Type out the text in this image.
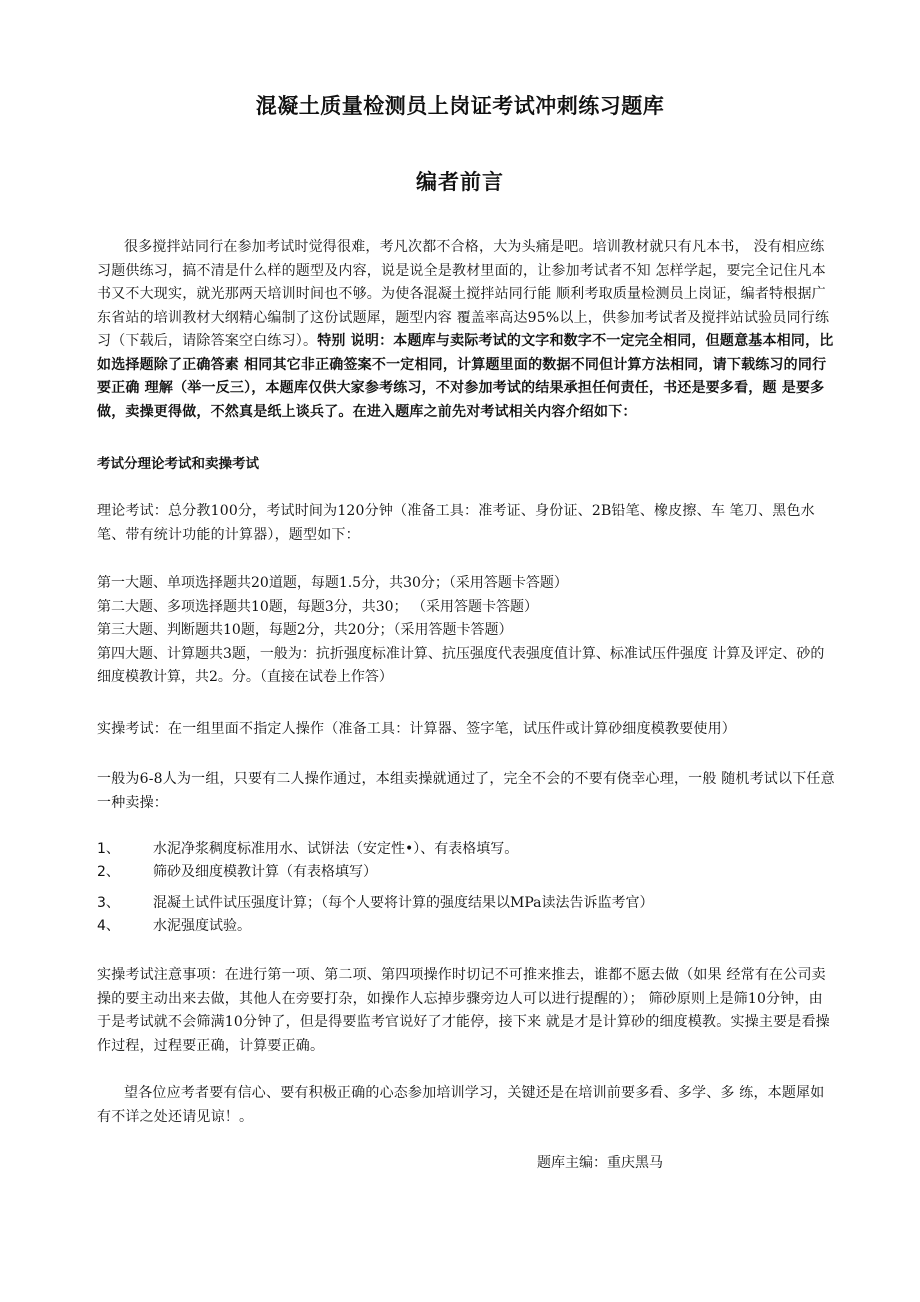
混凝土质量检测员上岗证考试冲刺练习题库
编者前言

很多搅拌站同行在参加考试时觉得很难，考凡次都不合格，大为头痛是吧。培训教材就只有凡本书， 没有相应练习题供练习，搞不清是什么样的题型及内容，说是说全是教材里面的，让参加考试者不知 怎样学起，要完全记住凡本书又不大现实，就光那两天培训时间也不够。为使各混凝土搅拌站同行能 顺利考取质量检测员上岗证，编者特根据广东省站的培训教材大纲精心编制了这份试题犀，题型内容 覆盖率高达95%以上，供参加考试者及搅拌站试验员同行练习（下载后，请除答案空白练习）。特别 说明：本题库与卖际考试的文字和数字不一定完全相同，但题意基本相同，比如选择题除了正确答素 相同其它非正确签案不一定相同，计算题里面的数据不同但计算方法相同，请下载练习的同行要正确 理解（举一反三），本题库仅供大家参考练习，不对参加考试的结果承担任何责任，书还是要多看，题 是要多做，卖操更得做，不然真是纸上谈兵了。在进入题库之前先对考试相关内容介绍如下：

考试分理论考试和卖操考试

理论考试：总分教100分，考试时间为120分钟（准备工具：准考证、身份证、2B铅笔、橡皮擦、车 笔刀、黑色水笔、带有统计功能的计算器），题型如下：

第一大题、单项选择题共20道题，每题1.5分，共30分；（采用答题卡答题）
第二大题、多项选择题共10题，每题3分，共30； （采用答题卡答题）
第三大题、判断题共10题，每题2分，共20分；（采用答题卡答题）
第四大题、计算题共3题，一般为：抗折强度标准计算、抗压强度代表强度值计算、标准试压件强度 计算及评定、砂的细度模教计算，共2。分。（直接在试卷上作答）

实操考试：在一组里面不指定人操作（准备工具：计算器、签字笔，试压件或计算砂细度模教要使用）

一般为6-8人为一组，只要有二人操作通过，本组卖操就通过了，完全不会的不要有侥幸心理，一般 随机考试以下任意一种卖操：

1、 水泥净浆稠度标准用水、试饼法（安定性•）、有表格填写。
2、 筛砂及细度模教计算（有表格填写）
3、 混凝土试件试压强度计算；（每个人要将计算的强度结果以MPa读法告诉监考官）
4、 水泥强度试验。

实操考试注意事项：在进行第一项、第二项、第四项操作时切记不可推来推去，谁都不愿去做（如果 经常有在公司卖操的要主动出来去做，其他人在旁要打杂，如操作人忘掉步骤旁边人可以进行提醒的）； 筛砂原则上是筛10分钟，由于是考试就不会筛满10分钟了，但是得要监考官说好了才能停，接下来 就是才是计算砂的细度模教。实操主要是看操作过程，过程要正确，计算要正确。

望各位应考者要有信心、要有积极正确的心态参加培训学习，关键还是在培训前要多看、多学、多 练，本题犀如有不详之处还请见谅！。

题库主编：重庆黑马
